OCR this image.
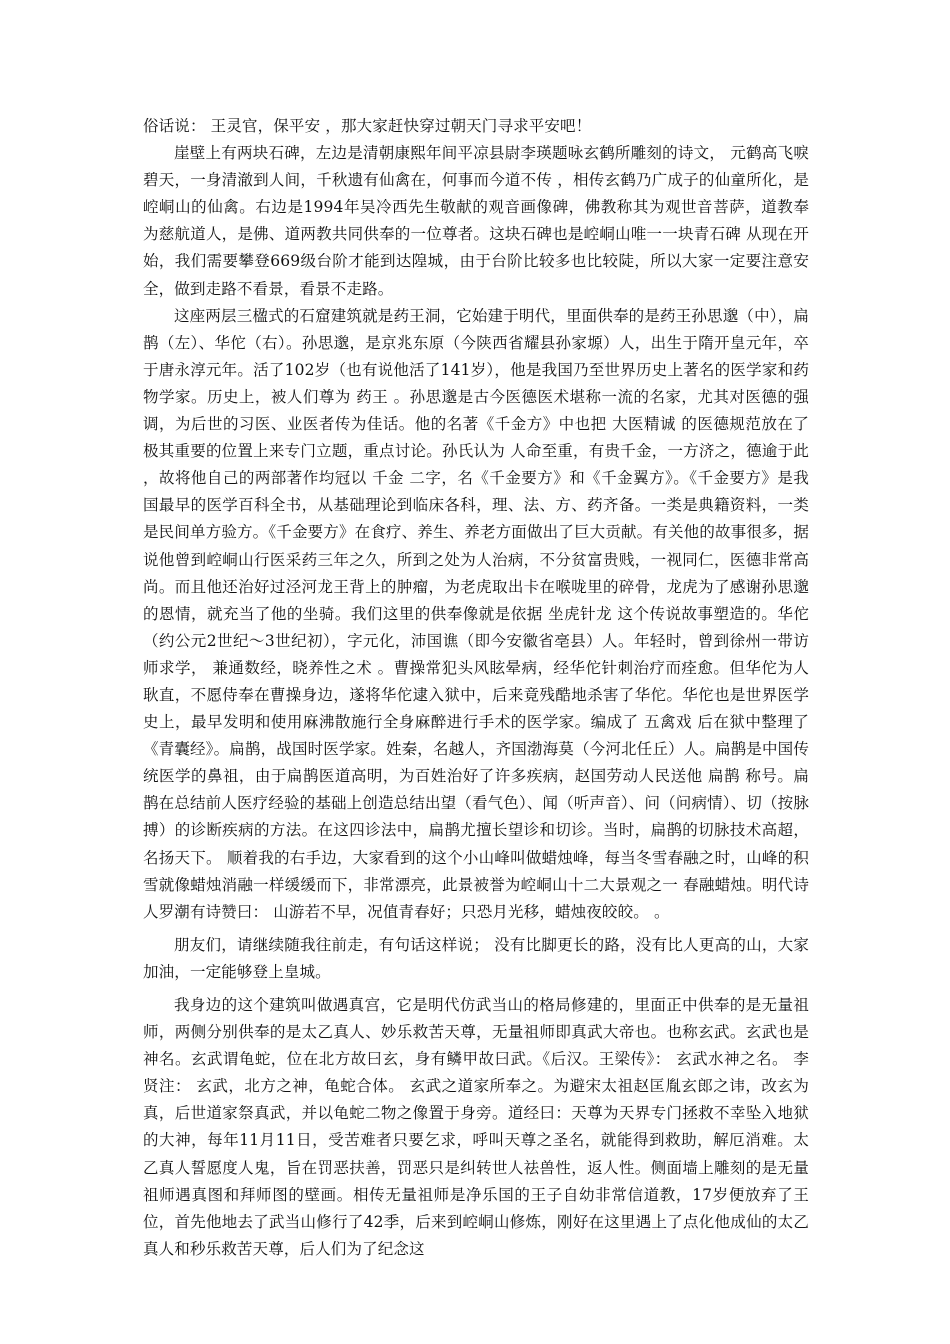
俗话说： 王灵官，保平安 ，那大家赶快穿过朝天门寻求平安吧！

崖壁上有两块石碑，左边是清朝康熙年间平凉县尉李瑛题咏玄鹤所雕刻的诗文， 元鹤高飞唳碧天，一身清澈到人间，千秋遗有仙禽在，何事而今道不传 ，相传玄鹤乃广成子的仙童所化，是崆峒山的仙禽。右边是1994年吴冷西先生敬献的观音画像碑，佛教称其为观世音菩萨，道教奉为慈航道人，是佛、道两教共同供奉的一位尊者。这块石碑也是崆峒山唯一一块青石碑 从现在开始，我们需要攀登669级台阶才能到达隍城，由于台阶比较多也比较陡，所以大家一定要注意安全，做到走路不看景，看景不走路。

这座两层三楹式的石窟建筑就是药王洞，它始建于明代，里面供奉的是药王孙思邈（中），扁鹊（左）、华佗（右）。孙思邈，是京兆东原（今陕西省耀县孙家塬）人，出生于隋开皇元年，卒于唐永淳元年。活了102岁（也有说他活了141岁），他是我国乃至世界历史上著名的医学家和药物学家。历史上，被人们尊为 药王 。孙思邈是古今医德医术堪称一流的名家，尤其对医德的强调，为后世的习医、业医者传为佳话。他的名著《千金方》中也把 大医精诚 的医德规范放在了极其重要的位置上来专门立题，重点讨论。孙氏认为 人命至重，有贵千金，一方济之，德逾于此 ，故将他自己的两部著作均冠以 千金 二字，名《千金要方》和《千金翼方》。《千金要方》是我国最早的医学百科全书，从基础理论到临床各科，理、法、方、药齐备。一类是典籍资料，一类是民间单方验方。《千金要方》在食疗、养生、养老方面做出了巨大贡献。有关他的故事很多，据说他曾到崆峒山行医采药三年之久，所到之处为人治病，不分贫富贵贱，一视同仁，医德非常高尚。而且他还治好过泾河龙王背上的肿瘤，为老虎取出卡在喉咙里的碎骨，龙虎为了感谢孙思邈的恩情，就充当了他的坐骑。我们这里的供奉像就是依据 坐虎针龙 这个传说故事塑造的。华佗（约公元2世纪～3世纪初），字元化，沛国谯（即今安徽省亳县）人。年轻时，曾到徐州一带访师求学， 兼通数经，晓养性之术 。曹操常犯头风眩晕病，经华佗针刺治疗而痊愈。但华佗为人耿直，不愿侍奉在曹操身边，遂将华佗逮入狱中，后来竟残酷地杀害了华佗。华佗也是世界医学史上，最早发明和使用麻沸散施行全身麻醉进行手术的医学家。编成了 五禽戏 后在狱中整理了《青囊经》。扁鹊，战国时医学家。姓秦，名越人，齐国渤海莫（今河北任丘）人。扁鹊是中国传统医学的鼻祖，由于扁鹊医道高明，为百姓治好了许多疾病，赵国劳动人民送他 扁鹊 称号。扁鹊在总结前人医疗经验的基础上创造总结出望（看气色）、闻（听声音）、问（问病情）、切（按脉搏）的诊断疾病的方法。在这四诊法中，扁鹊尤擅长望诊和切诊。当时，扁鹊的切脉技术高超，名扬天下。 顺着我的右手边，大家看到的这个小山峰叫做蜡烛峰，每当冬雪春融之时，山峰的积雪就像蜡烛消融一样缓缓而下，非常漂亮，此景被誉为崆峒山十二大景观之一 春融蜡烛。明代诗人罗潮有诗赞曰： 山游若不早，况值青春好；只恐月光移，蜡烛夜皎皎。 。

朋友们，请继续随我往前走，有句话这样说； 没有比脚更长的路，没有比人更高的山，大家加油，一定能够登上皇城。

我身边的这个建筑叫做遇真宫，它是明代仿武当山的格局修建的，里面正中供奉的是无量祖师，两侧分别供奉的是太乙真人、妙乐救苦天尊，无量祖师即真武大帝也。也称玄武。玄武也是神名。玄武谓龟蛇，位在北方故曰玄，身有鳞甲故曰武。《后汉。王梁传》： 玄武水神之名。 李贤注： 玄武，北方之神，龟蛇合体。 玄武之道家所奉之。为避宋太祖赵匡胤玄郎之讳，改玄为真，后世道家祭真武，并以龟蛇二物之像置于身旁。道经曰：天尊为天界专门拯救不幸坠入地狱的大神，每年11月11日，受苦难者只要乞求，呼叫天尊之圣名，就能得到救助，解厄消难。太乙真人誓愿度人鬼，旨在罚恶扶善，罚恶只是纠转世人祛兽性，返人性。侧面墙上雕刻的是无量祖师遇真图和拜师图的壁画。相传无量祖师是净乐国的王子自幼非常信道教，17岁便放弃了王位，首先他地去了武当山修行了42季，后来到崆峒山修炼，刚好在这里遇上了点化他成仙的太乙真人和秒乐救苦天尊，后人们为了纪念这
